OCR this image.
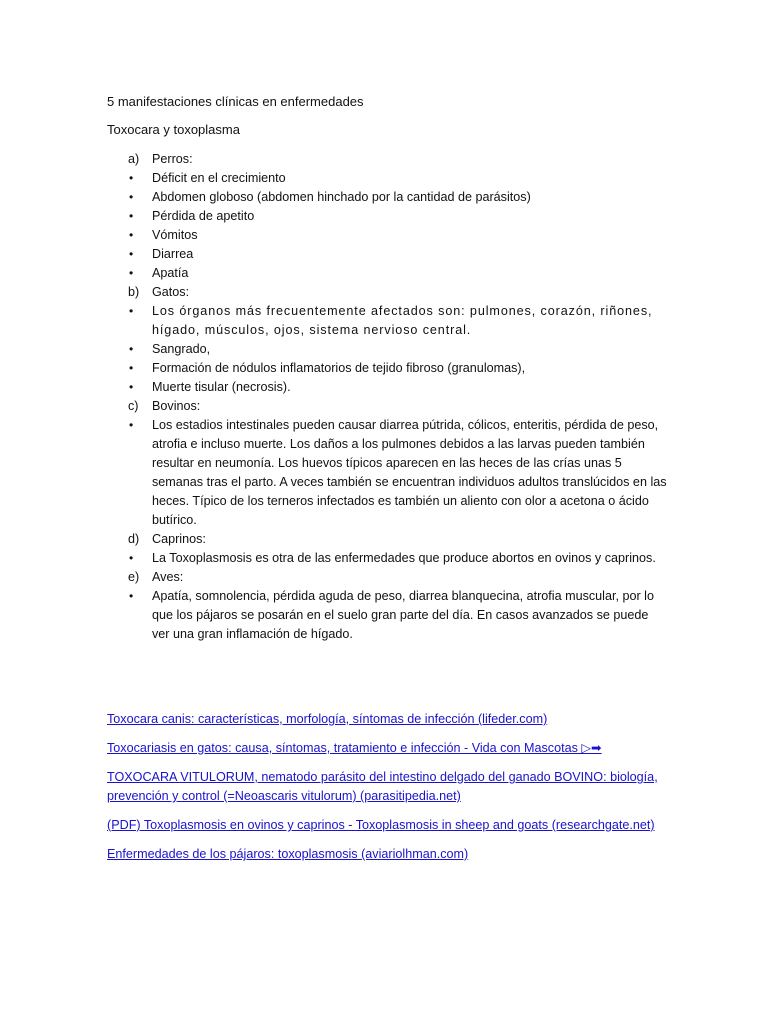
5 manifestaciones clínicas en enfermedades
Toxocara y toxoplasma
a)	Perros:
•	Déficit en el crecimiento
•	Abdomen globoso (abdomen hinchado por la cantidad de parásitos)
•	Pérdida de apetito
•	Vómitos
•	Diarrea
•	Apatía
b)	Gatos:
•	Los órganos más frecuentemente afectados son: pulmones, corazón, riñones, hígado, músculos, ojos, sistema nervioso central.
•	Sangrado,
•	Formación de nódulos inflamatorios de tejido fibroso (granulomas),
•	Muerte tisular (necrosis).
c)	Bovinos:
•	Los estadios intestinales pueden causar diarrea pútrida, cólicos, enteritis, pérdida de peso, atrofia e incluso muerte. Los daños a los pulmones debidos a las larvas pueden también resultar en neumonía. Los huevos típicos aparecen en las heces de las crías unas 5 semanas tras el parto. A veces también se encuentran individuos adultos translúcidos en las heces. Típico de los terneros infectados es también un aliento con olor a acetona o ácido butírico.
d)	Caprinos:
•	La Toxoplasmosis es otra de las enfermedades que produce abortos en ovinos y caprinos.
e)	Aves:
•	Apatía, somnolencia, pérdida aguda de peso, diarrea blanquecina, atrofia muscular, por lo que los pájaros se posarán en el suelo gran parte del día. En casos avanzados se puede ver una gran inflamación de hígado.
Toxocara canis: características, morfología, síntomas de infección (lifeder.com)
Toxocariasis en gatos: causa, síntomas, tratamiento e infección - Vida con Mascotas ▷➡
TOXOCARA VITULORUM, nematodo parásito del intestino delgado del ganado BOVINO: biología, prevención y control (=Neoascaris vitulorum) (parasitipedia.net)
(PDF) Toxoplasmosis en ovinos y caprinos - Toxoplasmosis in sheep and goats (researchgate.net)
Enfermedades de los pájaros: toxoplasmosis (aviariolhman.com)
